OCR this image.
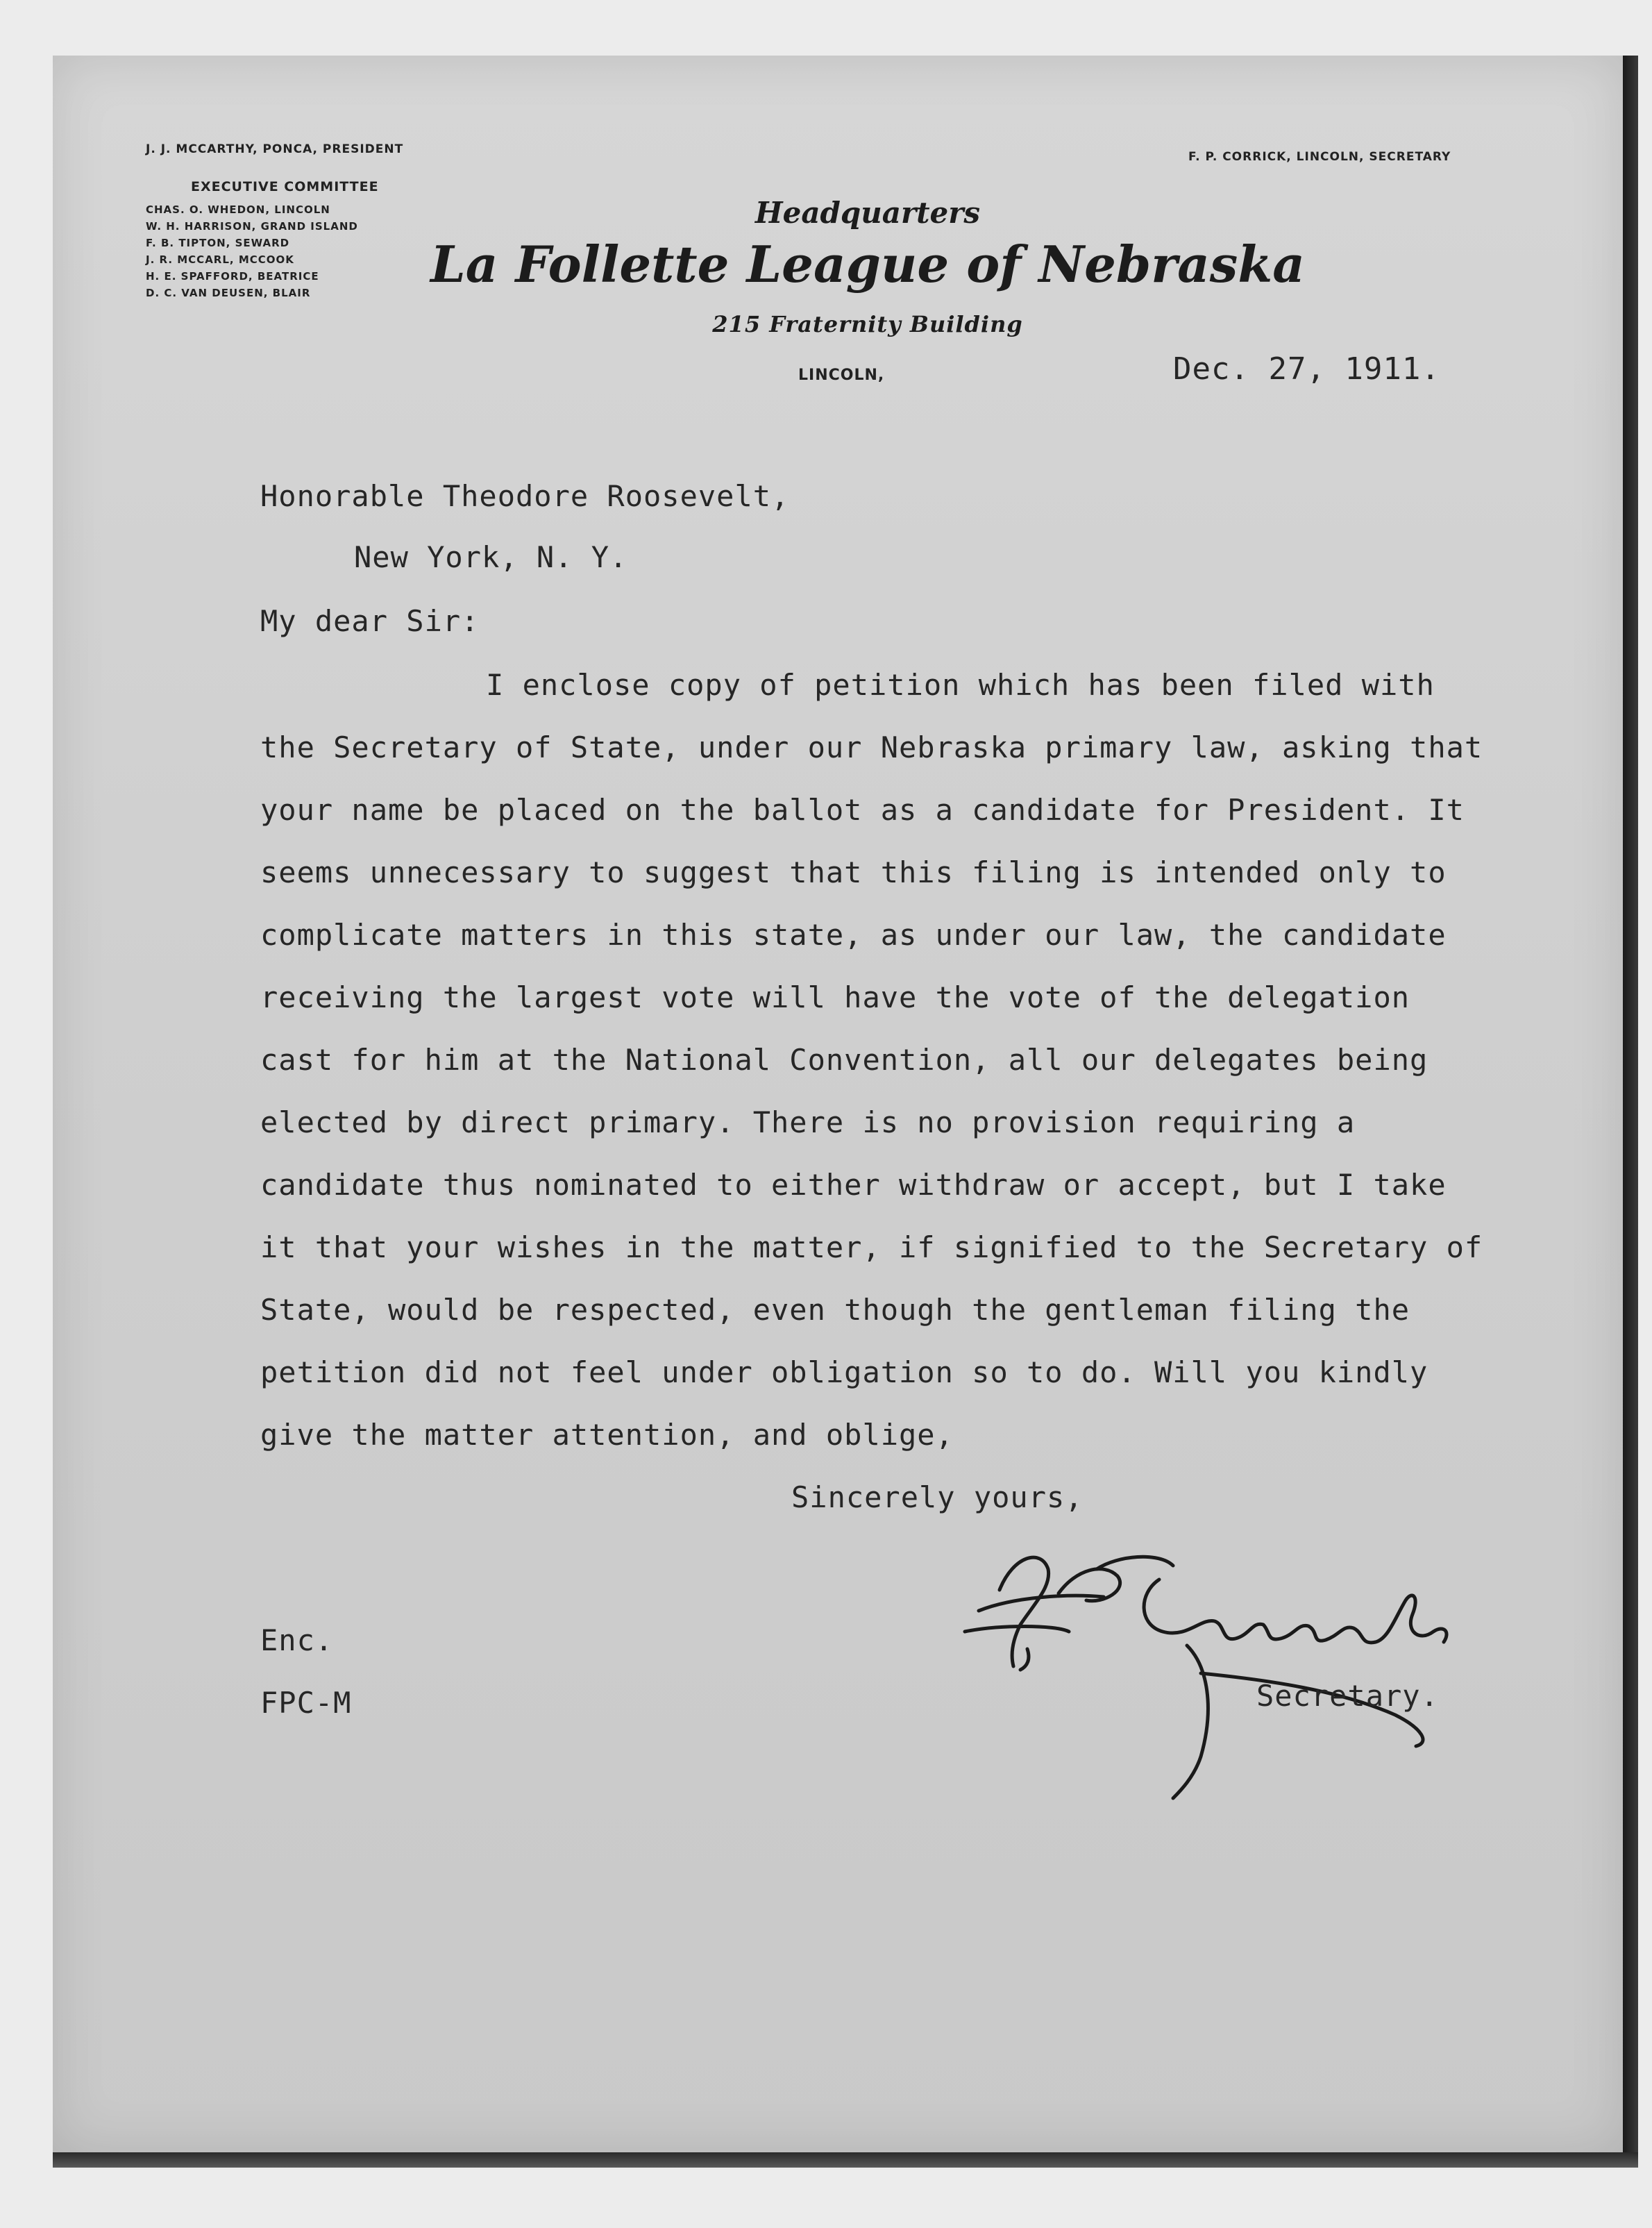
J. J. MCCARTHY, PONCA, PRESIDENT
F. P. CORRICK, LINCOLN, SECRETARY
EXECUTIVE COMMITTEE
CHAS. O. WHEDON, LINCOLN
W. H. HARRISON, GRAND ISLAND
F. B. TIPTON, SEWARD
J. R. MCCARL, MCCOOK
H. E. SPAFFORD, BEATRICE
D. C. VAN DEUSEN, BLAIR
Headquarters
La Follette League of Nebraska
215 Fraternity Building
LINCOLN,	Dec. 27, 1911.
Honorable Theodore Roosevelt,
New York, N. Y.
My dear Sir:
I enclose copy of petition which has been filed with
the Secretary of State, under our Nebraska primary law, asking that
your name be placed on the ballot as a candidate for President. It
seems unnecessary to suggest that this filing is intended only to
complicate matters in this state, as under our law, the candidate
receiving the largest vote will have the vote of the delegation
cast for him at the National Convention, all our delegates being
elected by direct primary. There is no provision requiring a
candidate thus nominated to either withdraw or accept, but I take
it that your wishes in the matter, if signified to the Secretary of
State, would be respected, even though the gentleman filing the
petition did not feel under obligation so to do. Will you kindly
give the matter attention, and oblige,
Sincerely yours,
Secretary.
Enc.
FPC-M
